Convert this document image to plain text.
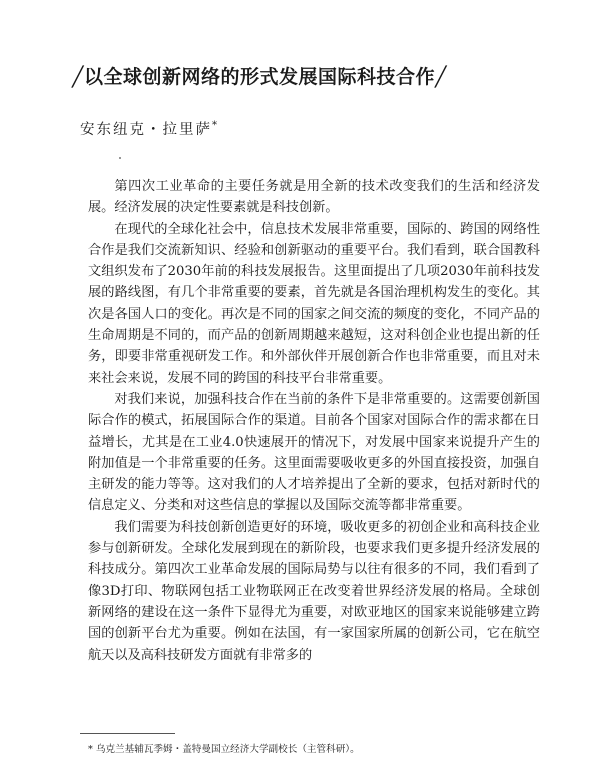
╱以全球创新网络的形式发展国际科技合作╱
安东纽克・拉里萨*

第四次工业革命的主要任务就是用全新的技术改变我们的生活和经济发展。经济发展的决定性要素就是科技创新。

在现代的全球化社会中，信息技术发展非常重要，国际的、跨国的网络性合作是我们交流新知识、经验和创新驱动的重要平台。我们看到，联合国教科文组织发布了2030年前的科技发展报告。这里面提出了几项2030年前科技发展的路线图，有几个非常重要的要素，首先就是各国治理机构发生的变化。其次是各国人口的变化。再次是不同的国家之间交流的频度的变化，不同产品的生命周期是不同的，而产品的创新周期越来越短，这对科创企业也提出新的任务，即要非常重视研发工作。和外部伙伴开展创新合作也非常重要，而且对未来社会来说，发展不同的跨国的科技平台非常重要。

对我们来说，加强科技合作在当前的条件下是非常重要的。这需要创新国际合作的模式，拓展国际合作的渠道。目前各个国家对国际合作的需求都在日益增长，尤其是在工业4.0快速展开的情况下，对发展中国家来说提升产生的附加值是一个非常重要的任务。这里面需要吸收更多的外国直接投资，加强自主研发的能力等等。这对我们的人才培养提出了全新的要求，包括对新时代的信息定义、分类和对这些信息的掌握以及国际交流等都非常重要。

我们需要为科技创新创造更好的环境，吸收更多的初创企业和高科技企业参与创新研发。全球化发展到现在的新阶段，也要求我们更多提升经济发展的科技成分。第四次工业革命发展的国际局势与以往有很多的不同，我们看到了像3D打印、物联网包括工业物联网正在改变着世界经济发展的格局。全球创新网络的建设在这一条件下显得尤为重要，对欧亚地区的国家来说能够建立跨国的创新平台尤为重要。例如在法国，有一家国家所属的创新公司，它在航空航天以及高科技研发方面就有非常多的

* 乌克兰基辅瓦季姆・盖特曼国立经济大学副校长（主管科研）。
